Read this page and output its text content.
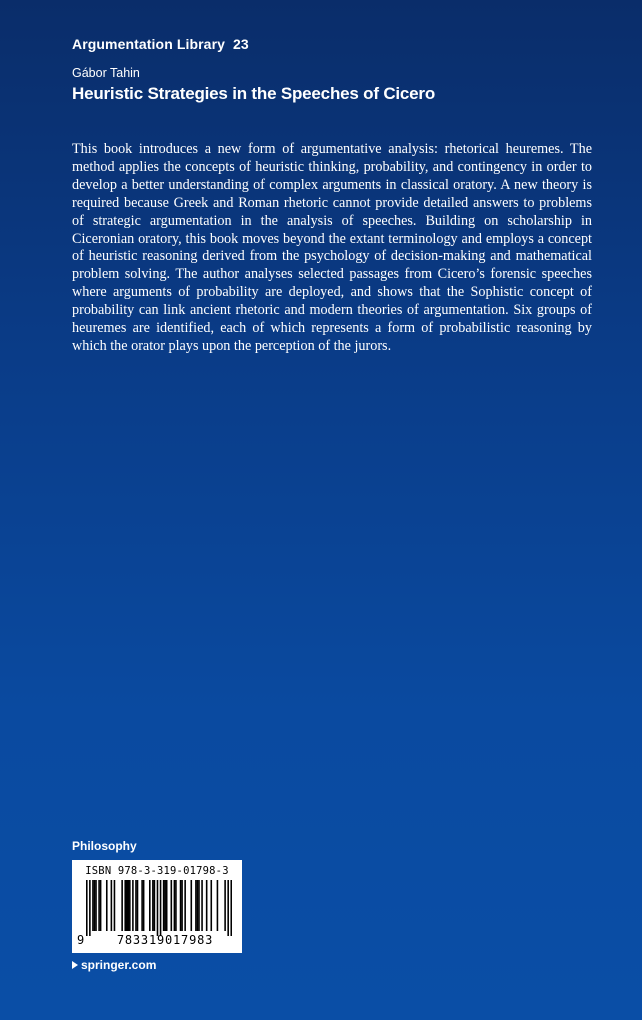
Argumentation Library 23
Gábor Tahin
Heuristic Strategies in the Speeches of Cicero

This book introduces a new form of argumentative analysis: rhetorical heuremes. The method applies the concepts of heuristic thinking, probability, and contingency in order to develop a better understanding of complex arguments in classical oratory. A new theory is required because Greek and Roman rhetoric cannot provide detailed answers to problems of strategic argumentation in the analysis of speeches. Building on scholarship in Ciceronian oratory, this book moves beyond the extant terminology and employs a concept of heuristic reasoning derived from the psychology of decision-making and mathematical problem solving. The author analyses selected passages from Cicero’s forensic speeches where arguments of probability are deployed, and shows that the Sophistic concept of probability can link ancient rhetoric and modern theories of argumentation. Six groups of heuremes are identified, each of which represents a form of probabilistic reasoning by which the orator plays upon the perception of the jurors.

Philosophy
ISBN 978-3-319-01798-3
9	783319017983
springer.com
